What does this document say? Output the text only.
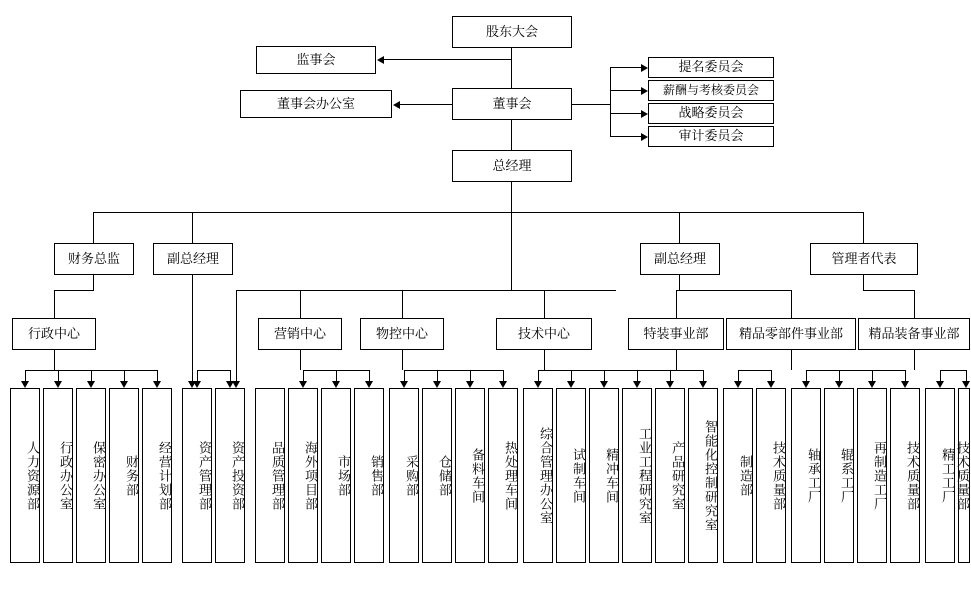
股东大会
监事会
董事会办公室	董事会
提名委员会
薪酬与考核委员会
战略委员会
审计委员会
总经理
财务总监	副总经理	副总经理	管理者代表
行政中心	营销中心	物控中心	技术中心	特装事业部	精品零部件事业部	精品装备事业部
人力资源部	行政办公室	保密办公室	财务部	经营计划部	资产管理部	资产投资部	品质管理部	海外项目部	市场部	销售部	采购部	仓储部	备料车间	热处理车间	综合管理办公室	试制车间	精冲车间	工业工程研究室	产品研究室	智能化控制研究室	制造部	技术质量部	轴承工厂	辊系工厂	再制造工厂	技术质量部	精工工厂 技术质量部
